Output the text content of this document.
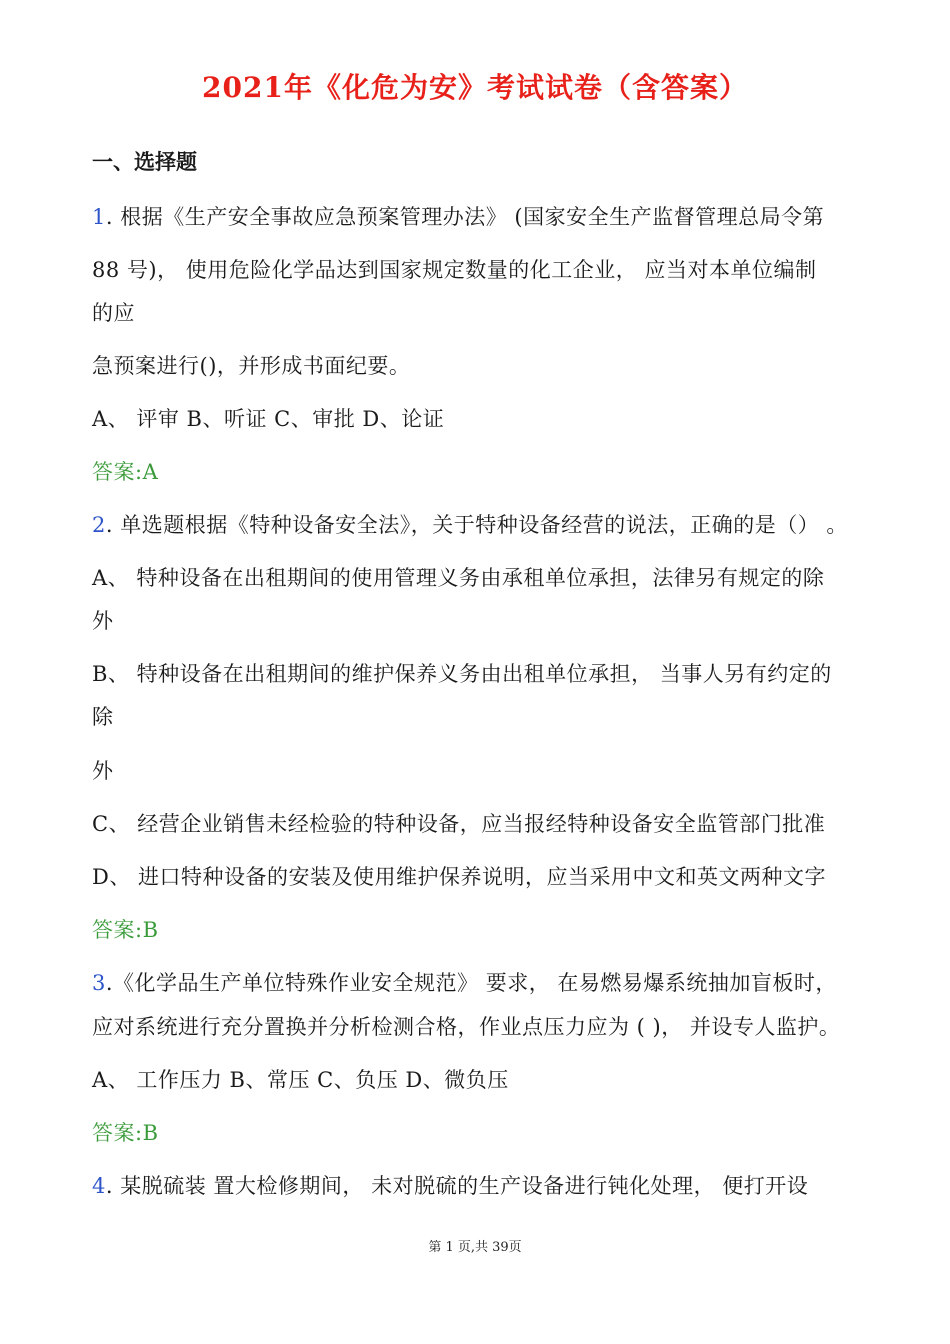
2021年《化危为安》考试试卷（含答案）
一、选择题
1. 根据《生产安全事故应急预案管理办法》 (国家安全生产监督管理总局令第
88 号)， 使用危险化学品达到国家规定数量的化工企业， 应当对本单位编制
的应
急预案进行()，并形成书面纪要。
A、 评审 B、听证 C、审批 D、论证
答案:A
2. 单选题根据《特种设备安全法》，关于特种设备经营的说法，正确的是（） 。
A、 特种设备在出租期间的使用管理义务由承租单位承担，法律另有规定的除
外
B、 特种设备在出租期间的维护保养义务由出租单位承担， 当事人另有约定的
除
外
C、 经营企业销售未经检验的特种设备，应当报经特种设备安全监管部门批准
D、 进口特种设备的安装及使用维护保养说明，应当采用中文和英文两种文字
答案:B
3.《化学品生产单位特殊作业安全规范》 要求， 在易燃易爆系统抽加盲板时，
应对系统进行充分置换并分析检测合格，作业点压力应为 ( )， 并设专人监护。
A、 工作压力 B、常压 C、负压 D、微负压
答案:B
4. 某脱硫装 置大检修期间， 未对脱硫的生产设备进行钝化处理， 便打开设
第 1 页,共 39页
